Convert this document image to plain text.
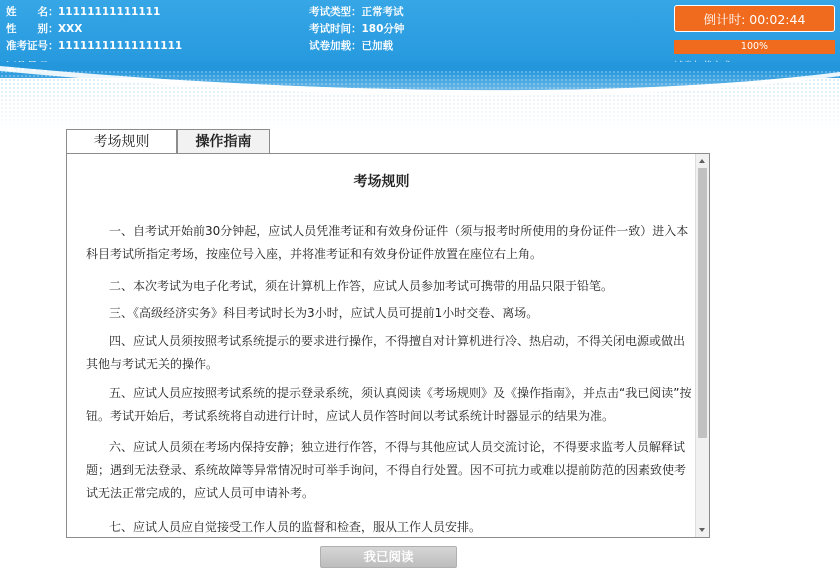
姓　　名：11111111111111
性　　别：XXX
准考证号：11111111111111111
考试类型：正常考试
考试时间：180分钟
试卷加载：已加载
倒计时: 00:02:44
100%
考场规则	操作指南
考场规则
一、自考试开始前30分钟起，应试人员凭准考证和有效身份证件（须与报考时所使用的身份证件一致）进入本科目考试所指定考场，按座位号入座，并将准考证和有效身份证件放置在座位右上角。
二、本次考试为电子化考试，须在计算机上作答，应试人员参加考试可携带的用品只限于铅笔。
三、《高级经济实务》科目考试时长为3小时，应试人员可提前1小时交卷、离场。
四、应试人员须按照考试系统提示的要求进行操作，不得擅自对计算机进行冷、热启动，不得关闭电源或做出其他与考试无关的操作。
五、应试人员应按照考试系统的提示登录系统，须认真阅读《考场规则》及《操作指南》，并点击“我已阅读”按钮。考试开始后，考试系统将自动进行计时，应试人员作答时间以考试系统计时器显示的结果为准。
六、应试人员须在考场内保持安静；独立进行作答，不得与其他应试人员交流讨论，不得要求监考人员解释试题；遇到无法登录、系统故障等异常情况时可举手询问，不得自行处置。因不可抗力或难以提前防范的因素致使考试无法正常完成的，应试人员可申请补考。
七、应试人员应自觉接受工作人员的监督和检查，服从工作人员安排。
我已阅读
